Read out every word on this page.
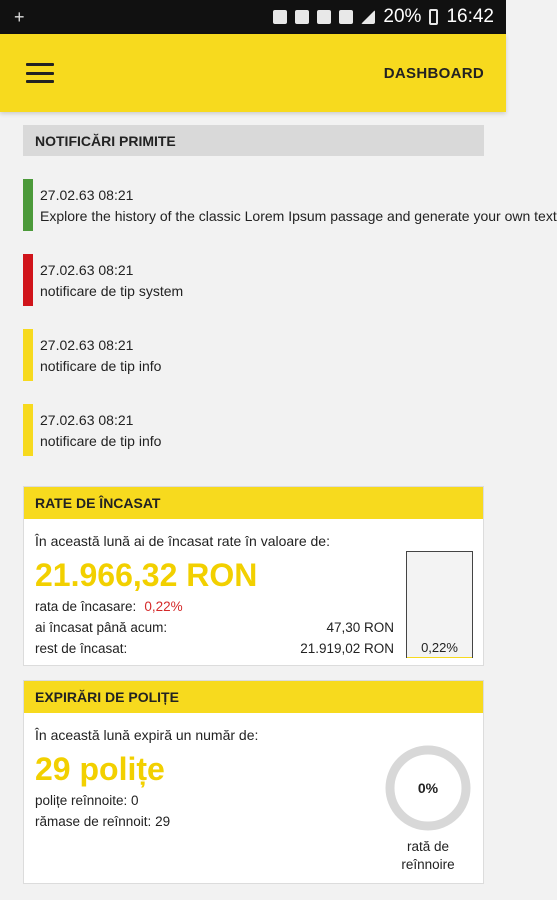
+	20% 16:42
DASHBOARD
NOTIFICĂRI PRIMITE
27.02.63 08:21
Explore the history of the classic Lorem Ipsum passage and generate your own text
27.02.63 08:21
notificare de tip system
27.02.63 08:21
notificare de tip info
27.02.63 08:21
notificare de tip info
RATE DE ÎNCASAT
În această lună ai de încasat rate în valoare de:
21.966,32 RON
rata de încasare: 0,22%
ai încasat până acum:	47,30 RON
rest de încasat:	21.919,02 RON	0,22%
EXPIRĂRI DE POLIȚE
În această lună expiră un număr de:
29 polițe
polițe reînnoite: 0
rămase de reînnoit: 29
0%
rată de
reînnoire
